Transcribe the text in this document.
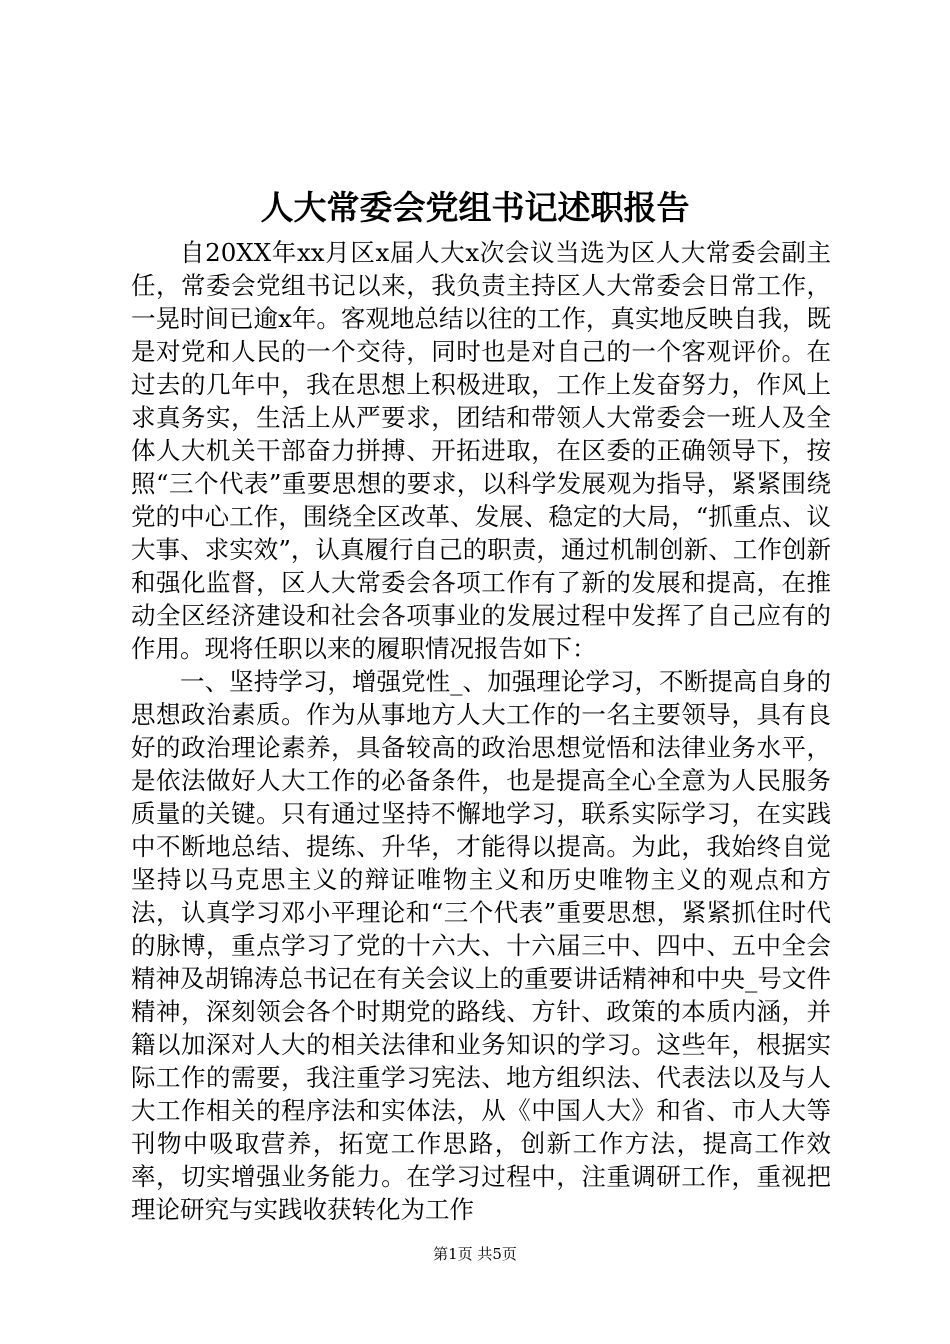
人大常委会党组书记述职报告

自20XX年xx月区x届人大x次会议当选为区人大常委会副主任，常委会党组书记以来，我负责主持区人大常委会日常工作，一晃时间已逾x年。客观地总结以往的工作，真实地反映自我，既是对党和人民的一个交待，同时也是对自己的一个客观评价。在过去的几年中，我在思想上积极进取，工作上发奋努力，作风上求真务实，生活上从严要求，团结和带领人大常委会一班人及全体人大机关干部奋力拼搏、开拓进取，在区委的正确领导下，按照“三个代表”重要思想的要求，以科学发展观为指导，紧紧围绕党的中心工作，围绕全区改革、发展、稳定的大局，“抓重点、议大事、求实效”，认真履行自己的职责，通过机制创新、工作创新和强化监督，区人大常委会各项工作有了新的发展和提高，在推动全区经济建设和社会各项事业的发展过程中发挥了自己应有的作用。现将任职以来的履职情况报告如下：

一、坚持学习，增强党性_、加强理论学习，不断提高自身的思想政治素质。作为从事地方人大工作的一名主要领导，具有良好的政治理论素养，具备较高的政治思想觉悟和法律业务水平，是依法做好人大工作的必备条件，也是提高全心全意为人民服务质量的关键。只有通过坚持不懈地学习，联系实际学习，在实践中不断地总结、提练、升华，才能得以提高。为此，我始终自觉坚持以马克思主义的辩证唯物主义和历史唯物主义的观点和方法，认真学习邓小平理论和“三个代表”重要思想，紧紧抓住时代的脉博，重点学习了党的十六大、十六届三中、四中、五中全会精神及胡锦涛总书记在有关会议上的重要讲话精神和中央_号文件精神，深刻领会各个时期党的路线、方针、政策的本质内涵，并籍以加深对人大的相关法律和业务知识的学习。这些年，根据实际工作的需要，我注重学习宪法、地方组织法、代表法以及与人大工作相关的程序法和实体法，从《中国人大》和省、市人大等刊物中吸取营养，拓宽工作思路，创新工作方法，提高工作效率，切实增强业务能力。在学习过程中，注重调研工作，重视把理论研究与实践收获转化为工作

第1页 共5页
